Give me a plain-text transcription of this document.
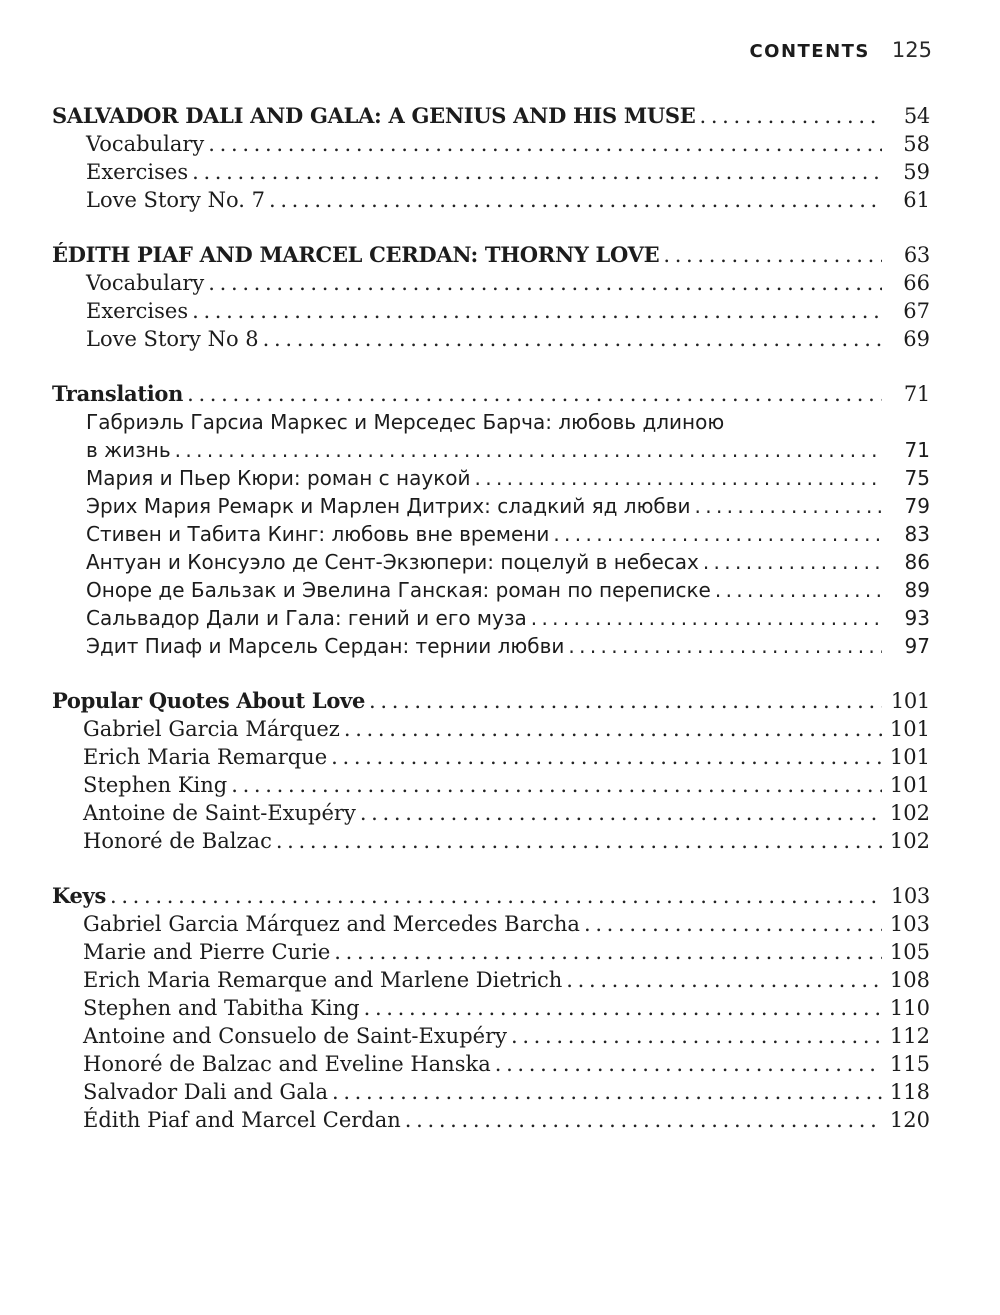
CONTENTS 125
SALVADOR DALI AND GALA: A GENIUS AND HIS MUSE . . .	54
Vocabulary . . .	58
Exercises . . .	59
Love Story No. 7 . . .	61
ÉDITH PIAF AND MARCEL CERDAN: THORNY LOVE . . .	63
Vocabulary . . .	66
Exercises . . .	67
Love Story No 8 . . .	69
Translation . . .	71
Габриэль Гарсиа Маркес и Мерседес Барча: любовь длиною
в жизнь . . .	71
Мария и Пьер Кюри: роман с наукой . . .	75
Эрих Мария Ремарк и Марлен Дитрих: сладкий яд любви . . .	79
Стивен и Табита Кинг: любовь вне времени . . .	83
Антуан и Консуэло де Сент-Экзюпери: поцелуй в небесах . . .	86
Оноре де Бальзак и Эвелина Ганская: роман по переписке . . .	89
Сальвадор Дали и Гала: гений и его муза . . .	93
Эдит Пиаф и Марсель Сердан: тернии любви . . .	97
Popular Quotes About Love . . .	101
Gabriel Garcia Márquez . . .	101
Erich Maria Remarque . . .	101
Stephen King . . .	101
Antoine de Saint-Exupéry . . .	102
Honoré de Balzac . . .	102
Keys . . .	103
Gabriel Garcia Márquez and Mercedes Barcha . . .	103
Marie and Pierre Curie . . .	105
Erich Maria Remarque and Marlene Dietrich . . .	108
Stephen and Tabitha King . . .	110
Antoine and Consuelo de Saint-Exupéry . . .	112
Honoré de Balzac and Eveline Hanska . . .	115
Salvador Dali and Gala . . .	118
Édith Piaf and Marcel Cerdan . . .	120
